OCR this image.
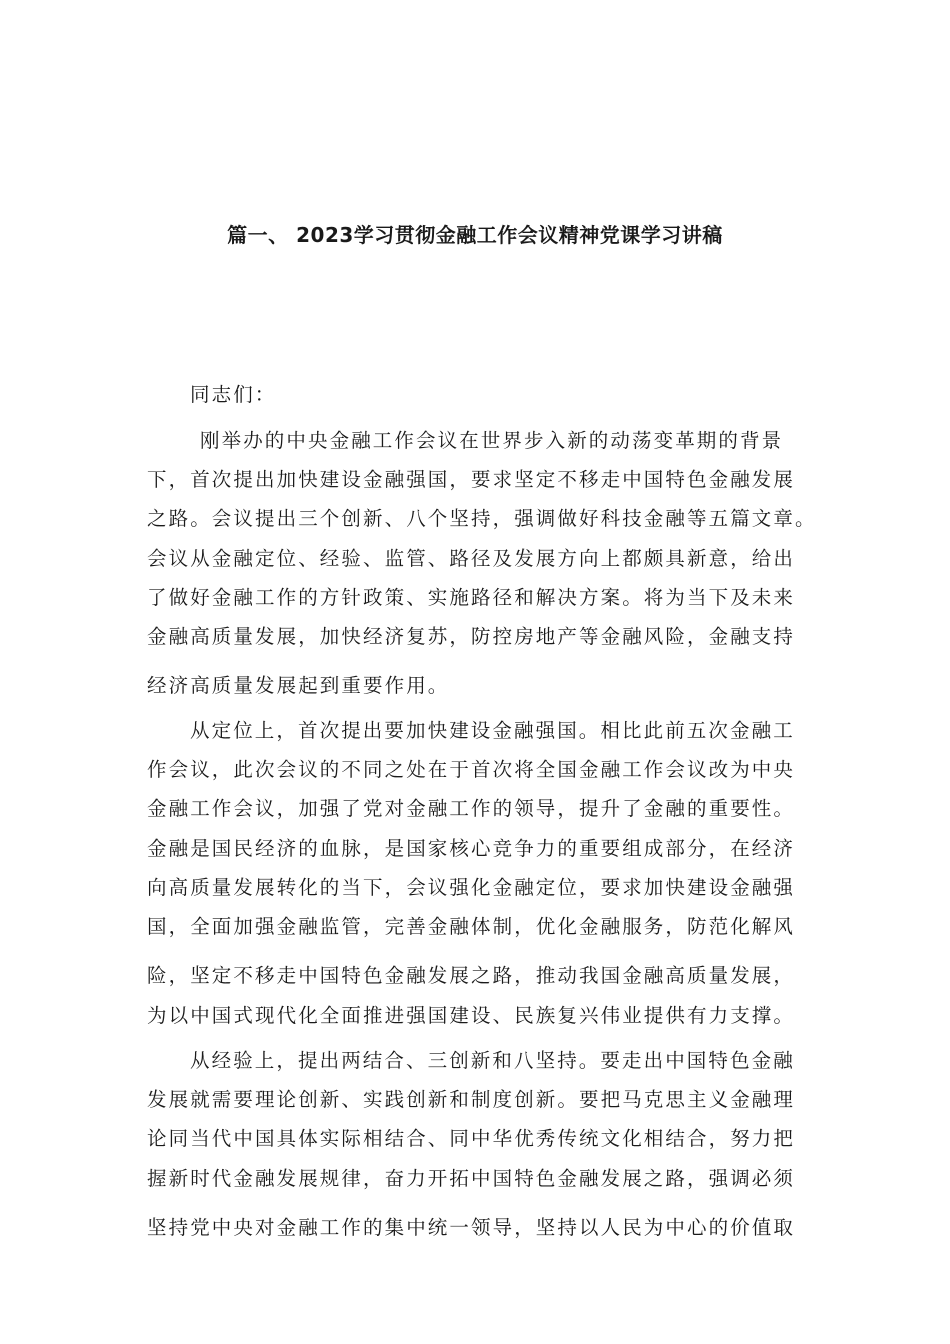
篇一、 2023学习贯彻金融工作会议精神党课学习讲稿
同志们：
刚举办的中央金融工作会议在世界步入新的动荡变革期的背景
下，首次提出加快建设金融强国，要求坚定不移走中国特色金融发展
之路。会议提出三个创新、八个坚持，强调做好科技金融等五篇文章。
会议从金融定位、经验、监管、路径及发展方向上都颇具新意，给出
了做好金融工作的方针政策、实施路径和解决方案。将为当下及未来
金融高质量发展，加快经济复苏，防控房地产等金融风险，金融支持
经济高质量发展起到重要作用。
从定位上，首次提出要加快建设金融强国。相比此前五次金融工
作会议，此次会议的不同之处在于首次将全国金融工作会议改为中央
金融工作会议，加强了党对金融工作的领导，提升了金融的重要性。
金融是国民经济的血脉，是国家核心竞争力的重要组成部分，在经济
向高质量发展转化的当下，会议强化金融定位，要求加快建设金融强
国，全面加强金融监管，完善金融体制，优化金融服务，防范化解风
险，坚定不移走中国特色金融发展之路，推动我国金融高质量发展，
为以中国式现代化全面推进强国建设、民族复兴伟业提供有力支撑。
从经验上，提出两结合、三创新和八坚持。要走出中国特色金融
发展就需要理论创新、实践创新和制度创新。要把马克思主义金融理
论同当代中国具体实际相结合、同中华优秀传统文化相结合，努力把
握新时代金融发展规律，奋力开拓中国特色金融发展之路，强调必须
坚持党中央对金融工作的集中统一领导，坚持以人民为中心的价值取
